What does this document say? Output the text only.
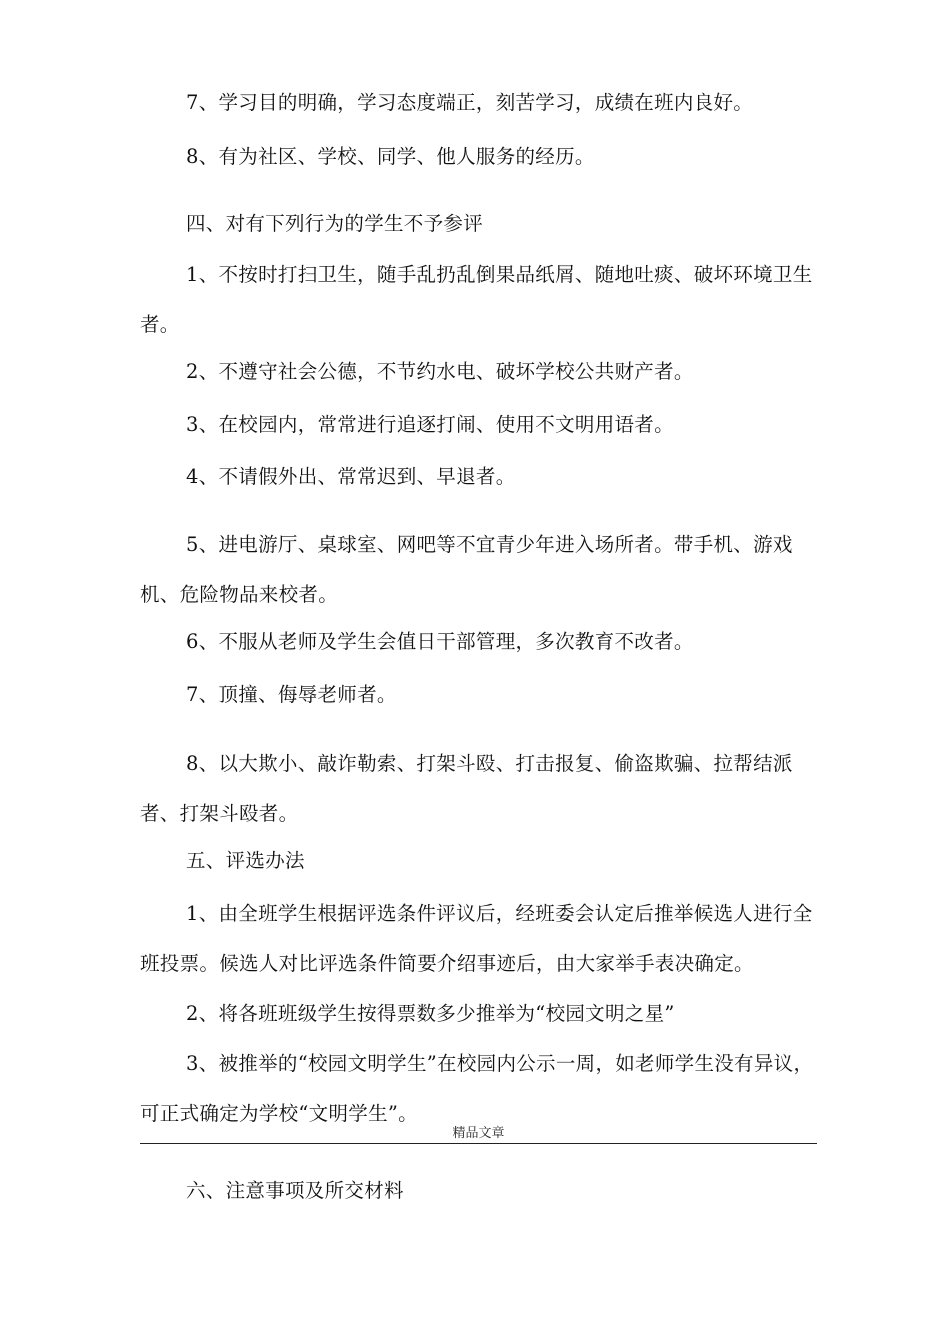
7、学习目的明确，学习态度端正，刻苦学习，成绩在班内良好。

8、有为社区、学校、同学、他人服务的经历。

四、对有下列行为的学生不予参评

1、不按时打扫卫生，随手乱扔乱倒果品纸屑、随地吐痰、破坏环境卫生者。

2、不遵守社会公德，不节约水电、破坏学校公共财产者。

3、在校园内，常常进行追逐打闹、使用不文明用语者。

4、不请假外出、常常迟到、早退者。

5、进电游厅、桌球室、网吧等不宜青少年进入场所者。带手机、游戏机、危险物品来校者。

6、不服从老师及学生会值日干部管理，多次教育不改者。

7、顶撞、侮辱老师者。

8、以大欺小、敲诈勒索、打架斗殴、打击报复、偷盗欺骗、拉帮结派者、打架斗殴者。

五、评选办法

1、由全班学生根据评选条件评议后，经班委会认定后推举候选人进行全班投票。候选人对比评选条件简要介绍事迹后，由大家举手表决确定。

2、将各班班级学生按得票数多少推举为“校园文明之星”

3、被推举的“校园文明学生”在校园内公示一周，如老师学生没有异议，可正式确定为学校“文明学生”。

精品文章

六、注意事项及所交材料
